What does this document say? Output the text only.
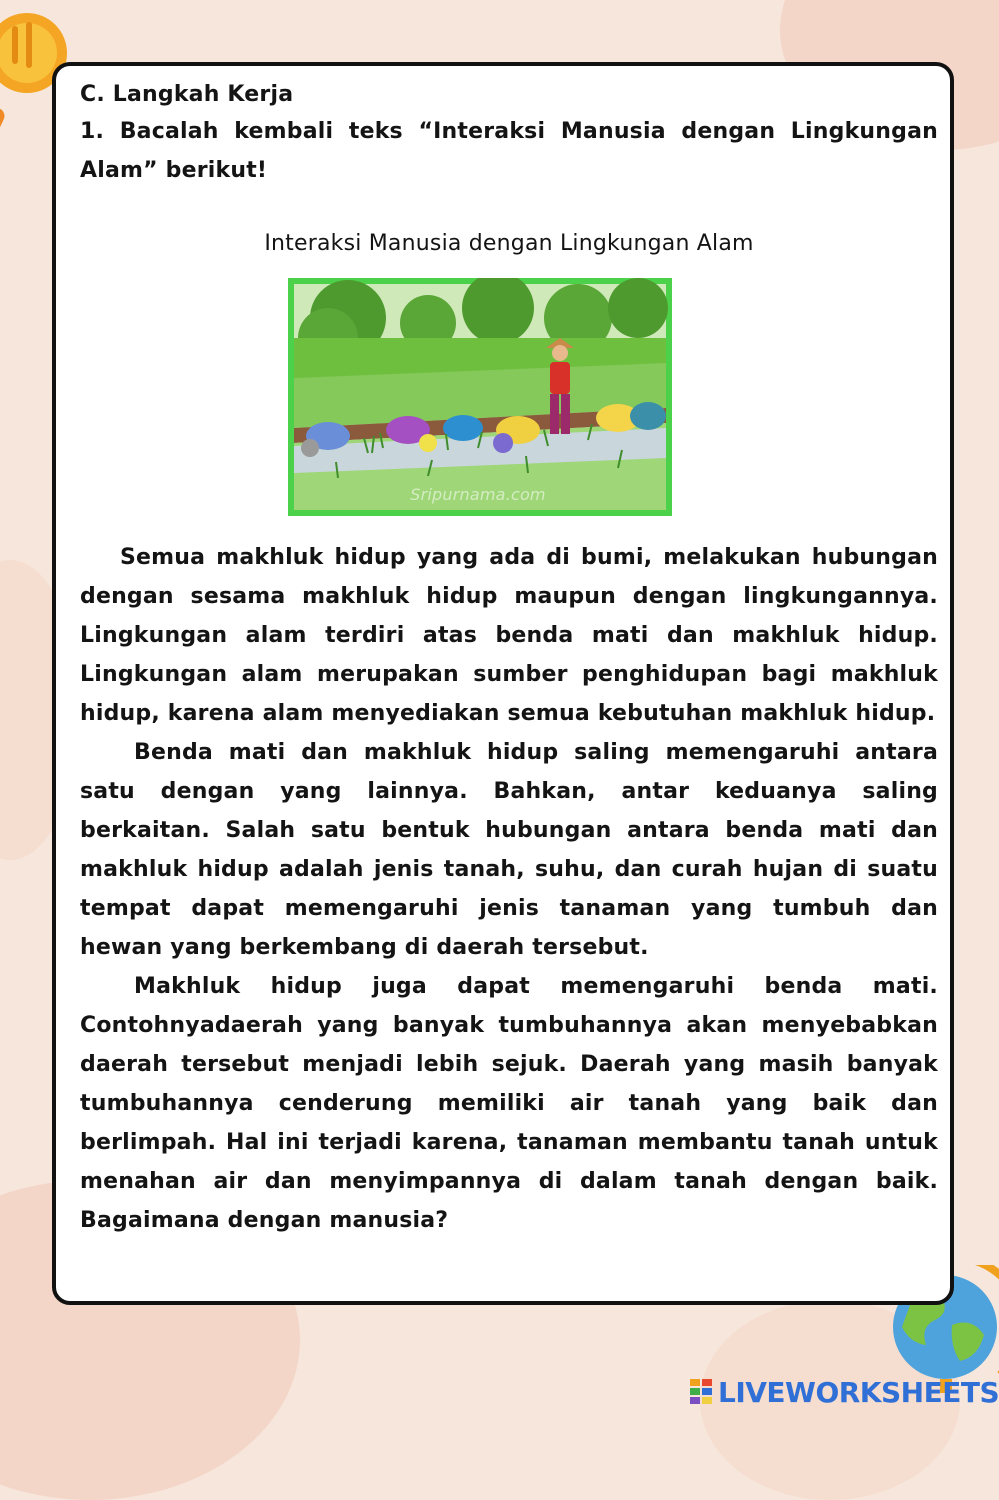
C. Langkah Kerja

1. Bacalah kembali teks “Interaksi Manusia dengan Lingkungan Alam” berikut!

Interaksi Manusia dengan Lingkungan Alam

Sripurnama.com

Semua makhluk hidup yang ada di bumi, melakukan hubungan dengan sesama makhluk hidup maupun dengan lingkungannya. Lingkungan alam terdiri atas benda mati dan makhluk hidup. Lingkungan alam merupakan sumber penghidupan bagi makhluk hidup, karena alam menyediakan semua kebutuhan makhluk hidup.

Benda mati dan makhluk hidup saling memengaruhi antara satu dengan yang lainnya. Bahkan, antar keduanya saling berkaitan. Salah satu bentuk hubungan antara benda mati dan makhluk hidup adalah jenis tanah, suhu, dan curah hujan di suatu tempat dapat memengaruhi jenis tanaman yang tumbuh dan hewan yang berkembang di daerah tersebut.

Makhluk hidup juga dapat memengaruhi benda mati. Contohnyadaerah yang banyak tumbuhannya akan menyebabkan daerah tersebut menjadi lebih sejuk. Daerah yang masih banyak tumbuhannya cenderung memiliki air tanah yang baik dan berlimpah. Hal ini terjadi karena, tanaman membantu tanah untuk menahan air dan menyimpannya di dalam tanah dengan baik. Bagaimana dengan manusia?

LIVEWORKSHEETS
